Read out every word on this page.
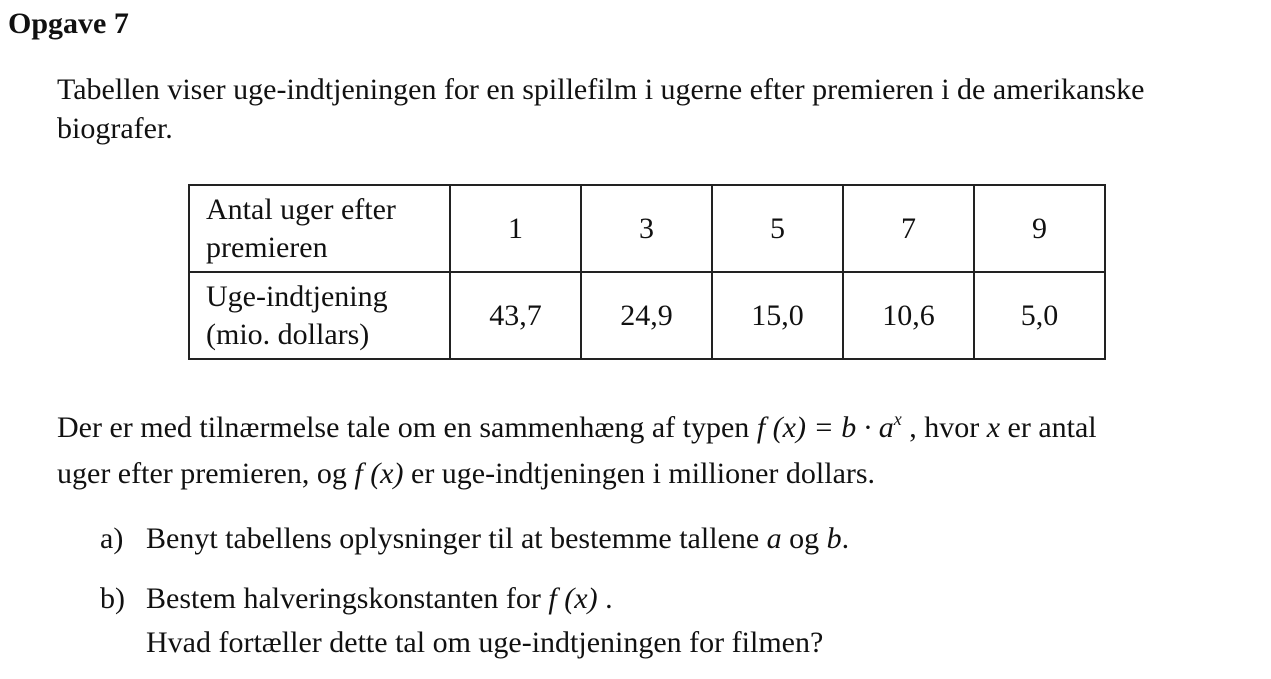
Opgave 7

Tabellen viser uge-indtjeningen for en spillefilm i ugerne efter premieren i de amerikanske biografer.

Antal uger efter
premieren	1	3	5	7	9
Uge-indtjening
(mio. dollars)	43,7	24,9	15,0	10,6	5,0

Der er med tilnærmelse tale om en sammenhæng af typen f $(x) = b \cdot a^x$ , hvor x er antal
uger efter premieren, og f (x) er uge-indtjeningen i millioner dollars.

a) Benyt tabellens oplysninger til at bestemme tallene a og b.

b) Bestem halveringskonstanten for f (x) .

Hvad fortæller dette tal om uge-indtjeningen for filmen?
